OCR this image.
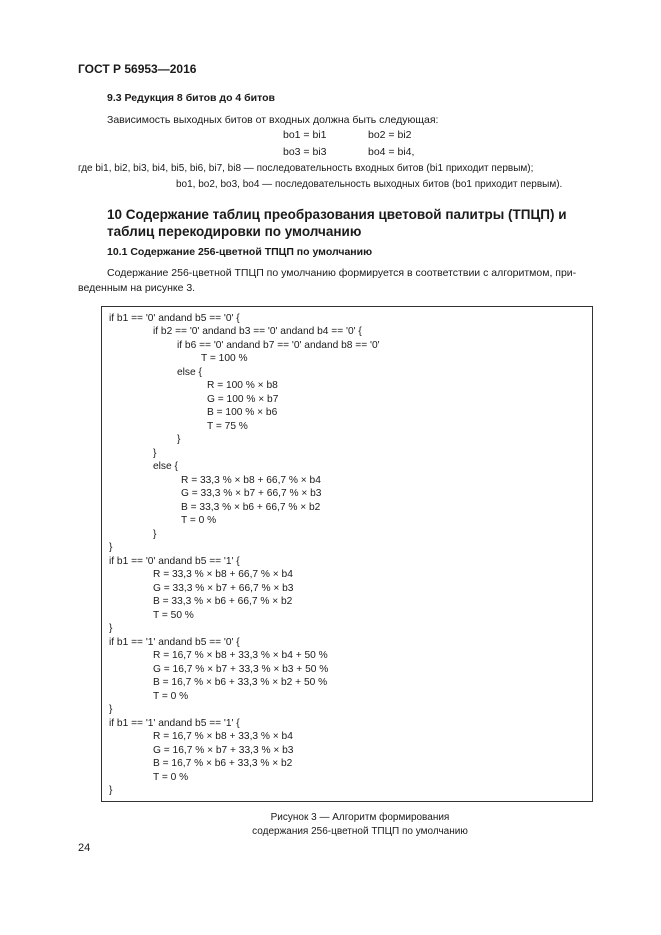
ГОСТ Р 56953—2016
9.3 Редукция 8 битов до 4 битов
Зависимость выходных битов от входных должна быть следующая:
bo1 = bi1	bo2 = bi2
bo3 = bi3	bo4 = bi4,
где bi1, bi2, bi3, bi4, bi5, bi6, bi7, bi8 — последовательность входных битов (bi1 приходит первым);
bo1, bo2, bo3, bo4 — последовательность выходных битов (bo1 приходит первым).
10 Содержание таблиц преобразования цветовой палитры (ТПЦП) и таблиц перекодировки по умолчанию
10.1 Содержание 256-цветной ТПЦП по умолчанию
Содержание 256-цветной ТПЦП по умолчанию формируется в соответствии с алгоритмом, при-
веденным на рисунке 3.
if b1 == '0' andand b5 == '0' {
if b2 == '0' andand b3 == '0' andand b4 == '0' {
if b6 == '0' andand b7 == '0' andand b8 == '0'
T = 100 %
else {
R = 100 % × b8
G = 100 % × b7
B = 100 % × b6
T = 75 %
}
}
else {
R = 33,3 % × b8 + 66,7 % × b4
G = 33,3 % × b7 + 66,7 % × b3
B = 33,3 % × b6 + 66,7 % × b2
T = 0 %
}
}
if b1 == '0' andand b5 == '1' {
R = 33,3 % × b8 + 66,7 % × b4
G = 33,3 % × b7 + 66,7 % × b3
B = 33,3 % × b6 + 66,7 % × b2
T = 50 %
}
if b1 == '1' andand b5 == '0' {
R = 16,7 % × b8 + 33,3 % × b4 + 50 %
G = 16,7 % × b7 + 33,3 % × b3 + 50 %
B = 16,7 % × b6 + 33,3 % × b2 + 50 %
T = 0 %
}
if b1 == '1' andand b5 == '1' {
R = 16,7 % × b8 + 33,3 % × b4
G = 16,7 % × b7 + 33,3 % × b3
B = 16,7 % × b6 + 33,3 % × b2
T = 0 %
}
Рисунок 3 — Алгоритм формирования
содержания 256-цветной ТПЦП по умолчанию
24
